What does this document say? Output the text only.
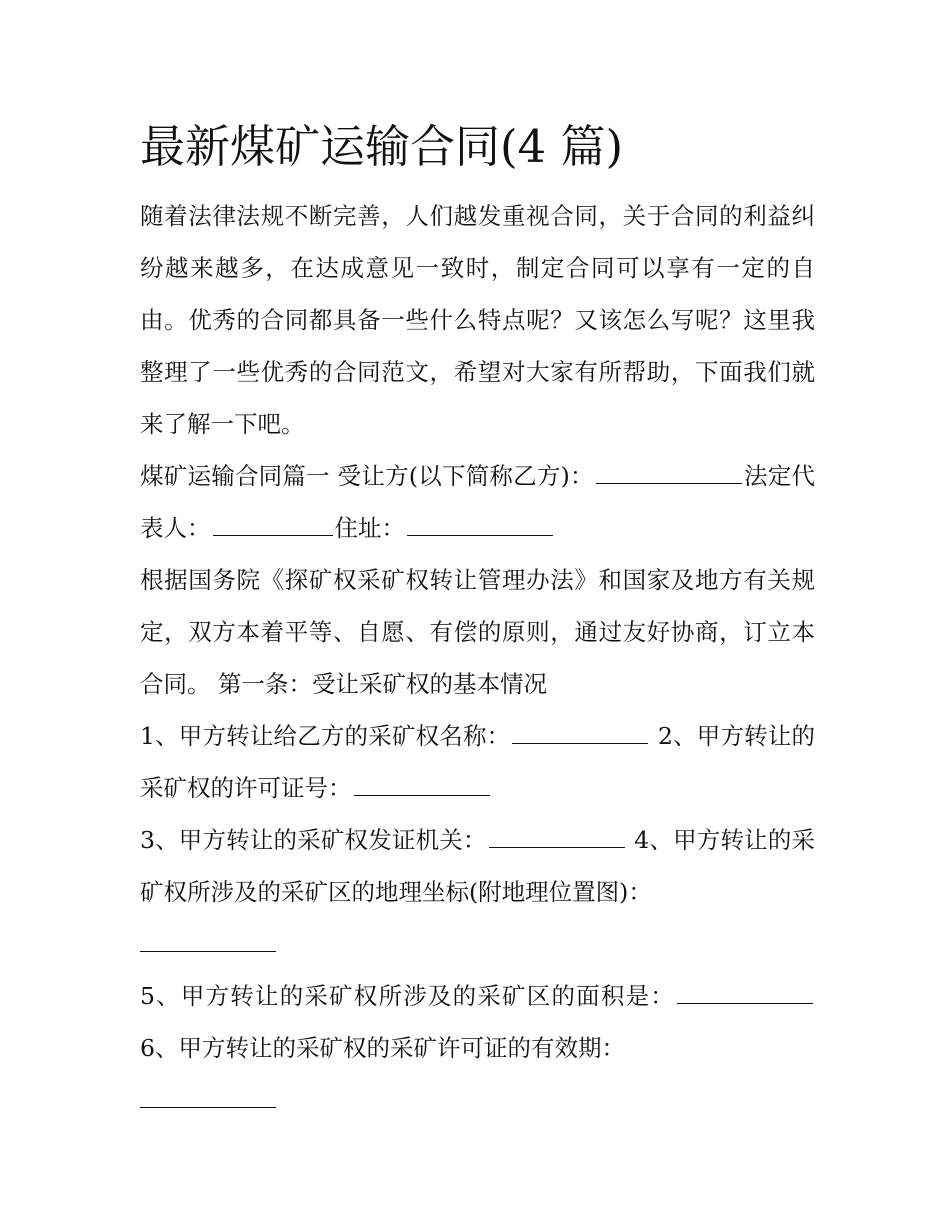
最新煤矿运输合同(4 篇)

随着法律法规不断完善，人们越发重视合同，关于合同的利益纠纷越来越多，在达成意见一致时，制定合同可以享有一定的自由。优秀的合同都具备一些什么特点呢？又该怎么写呢？这里我整理了一些优秀的合同范文，希望对大家有所帮助，下面我们就来了解一下吧。

煤矿运输合同篇一 受让方(以下简称乙方)：	法定代表人：	住址：

根据国务院《探矿权采矿权转让管理办法》和国家及地方有关规定，双方本着平等、自愿、有偿的原则，通过友好协商，订立本合同。 第一条：受让采矿权的基本情况

1、甲方转让给乙方的采矿权名称：	2、甲方转让的采矿权的许可证号：

3、甲方转让的采矿权发证机关：	4、甲方转让的采矿权所涉及的采矿区的地理坐标(附地理位置图)：

5、甲方转让的采矿权所涉及的采矿区的面积是： 6、甲方转让的采矿权的采矿许可证的有效期：
